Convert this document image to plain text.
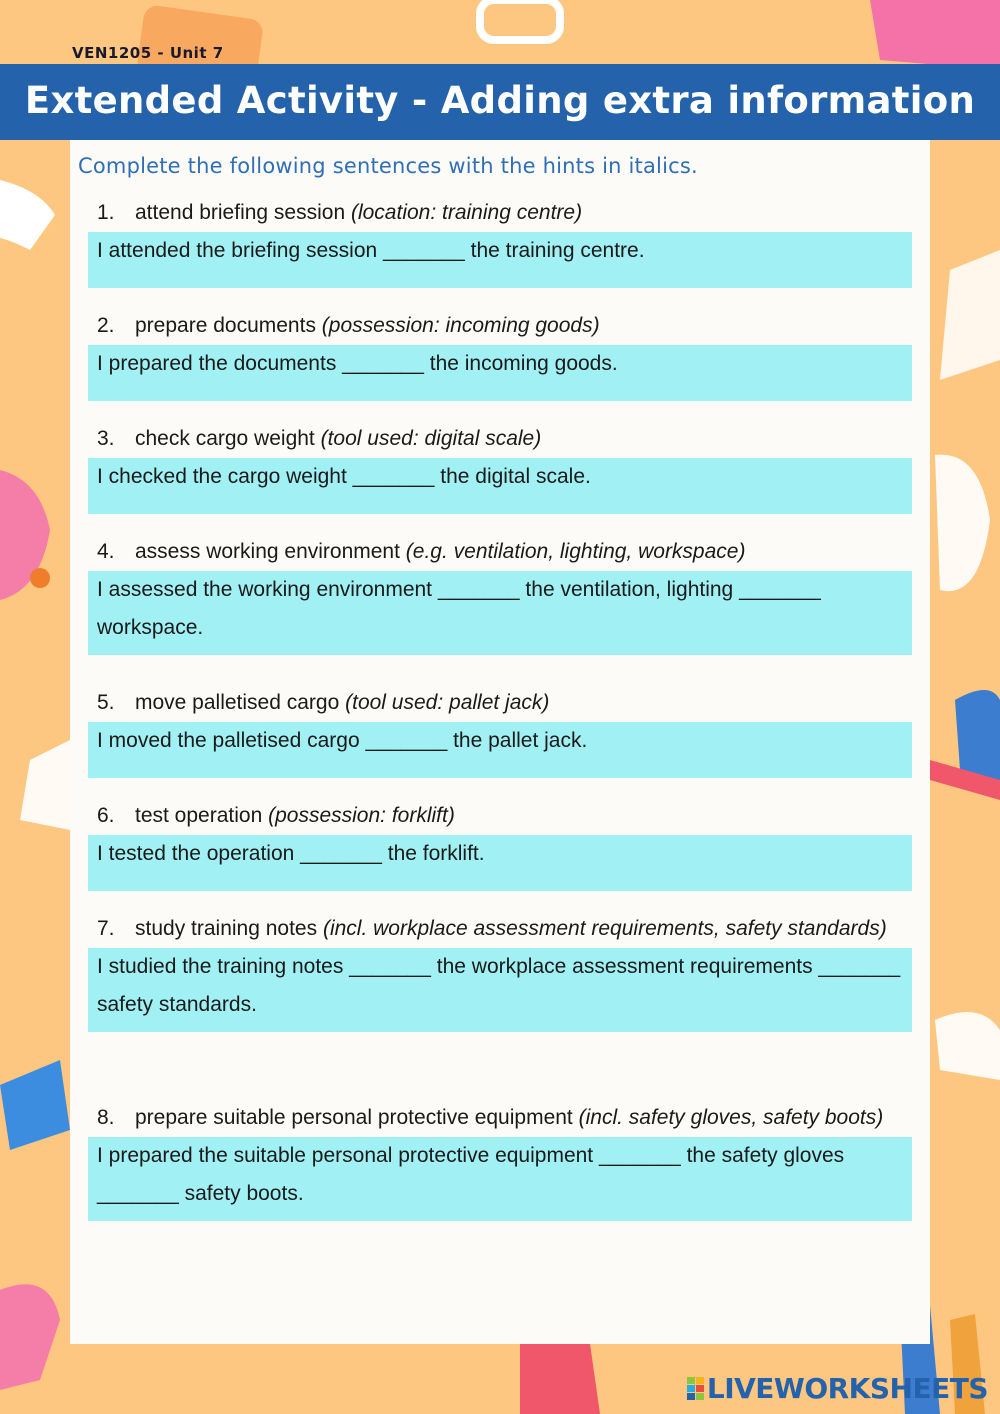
VEN1205 - Unit 7
Extended Activity - Adding extra information
Complete the following sentences with the hints in italics.
1. attend briefing session (location: training centre)
I attended the briefing session _______ the training centre.
2. prepare documents (possession: incoming goods)
I prepared the documents _______ the incoming goods.
3. check cargo weight (tool used: digital scale)
I checked the cargo weight _______ the digital scale.
4. assess working environment (e.g. ventilation, lighting, workspace)
I assessed the working environment _______ the ventilation, lighting _______ workspace.
5. move palletised cargo (tool used: pallet jack)
I moved the palletised cargo _______ the pallet jack.
6. test operation (possession: forklift)
I tested the operation _______ the forklift.
7. study training notes (incl. workplace assessment requirements, safety standards)
I studied the training notes _______ the workplace assessment requirements _______ safety standards.
8. prepare suitable personal protective equipment (incl. safety gloves, safety boots)
I prepared the suitable personal protective equipment _______ the safety gloves _______ safety boots.
LIVEWORKSHEETS
